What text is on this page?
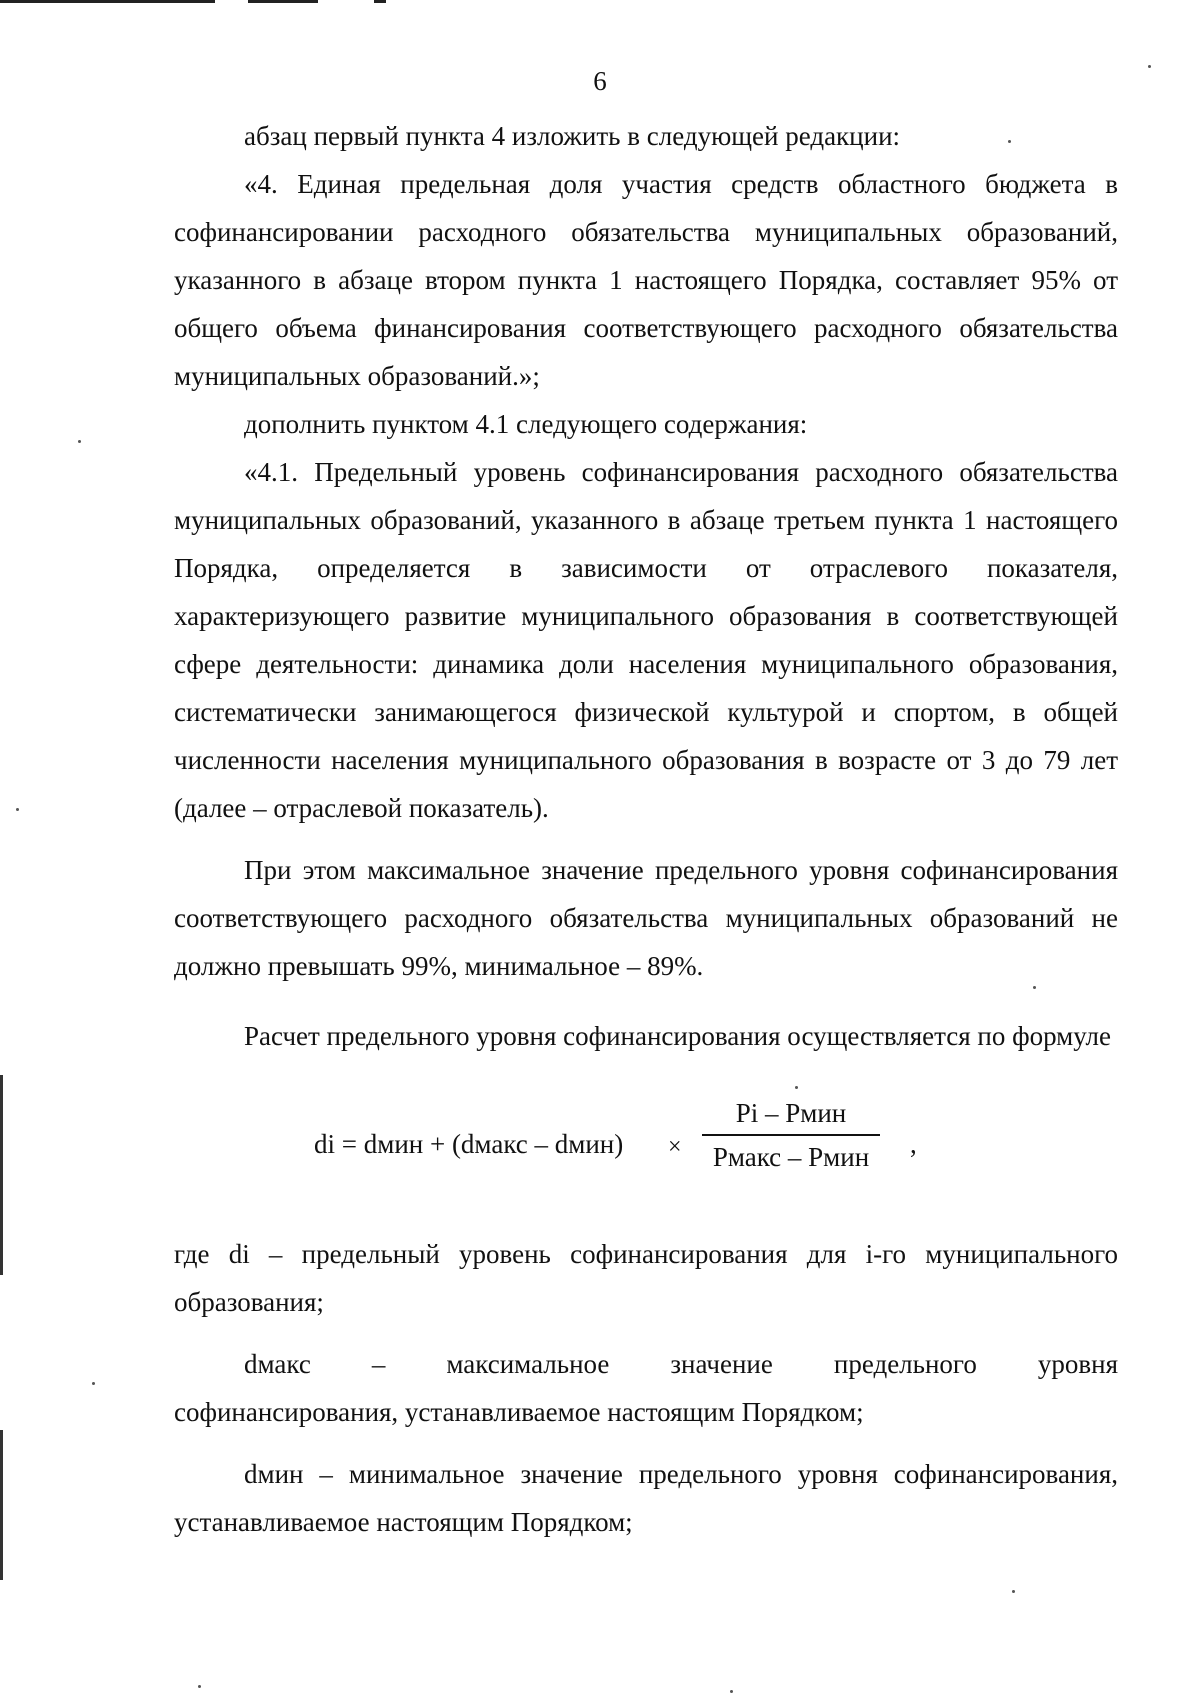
6

абзац первый пункта 4 изложить в следующей редакции:

«4. Единая предельная доля участия средств областного бюджета в софинансировании расходного обязательства муниципальных образований, указанного в абзаце втором пункта 1 настоящего Порядка, составляет 95% от общего объема финансирования соответствующего расходного обязательства муниципальных образований.»;

дополнить пунктом 4.1 следующего содержания:

«4.1. Предельный уровень софинансирования расходного обязательства муниципальных образований, указанного в абзаце третьем пункта 1 настоящего Порядка, определяется в зависимости от отраслевого показателя, характеризующего развитие муниципального образования в соответствующей сфере деятельности: динамика доли населения муниципального образования, систематически занимающегося физической культурой и спортом, в общей численности населения муниципального образования в возрасте от 3 до 79 лет (далее – отраслевой показатель).

При этом максимальное значение предельного уровня софинансирования соответствующего расходного обязательства муниципальных образований не должно превышать 99%, минимальное – 89%.

Расчет предельного уровня софинансирования осуществляется по формуле

di = dмин + (dмакс – dмин) ×
Pi – Pмин
Pмакс – Pмин	,

где di – предельный уровень софинансирования для i-го муниципального образования;

dмакс – максимальное значение предельного уровня

софинансирования, устанавливаемое настоящим Порядком;

dмин – минимальное значение предельного уровня софинансирования, устанавливаемое настоящим Порядком;
